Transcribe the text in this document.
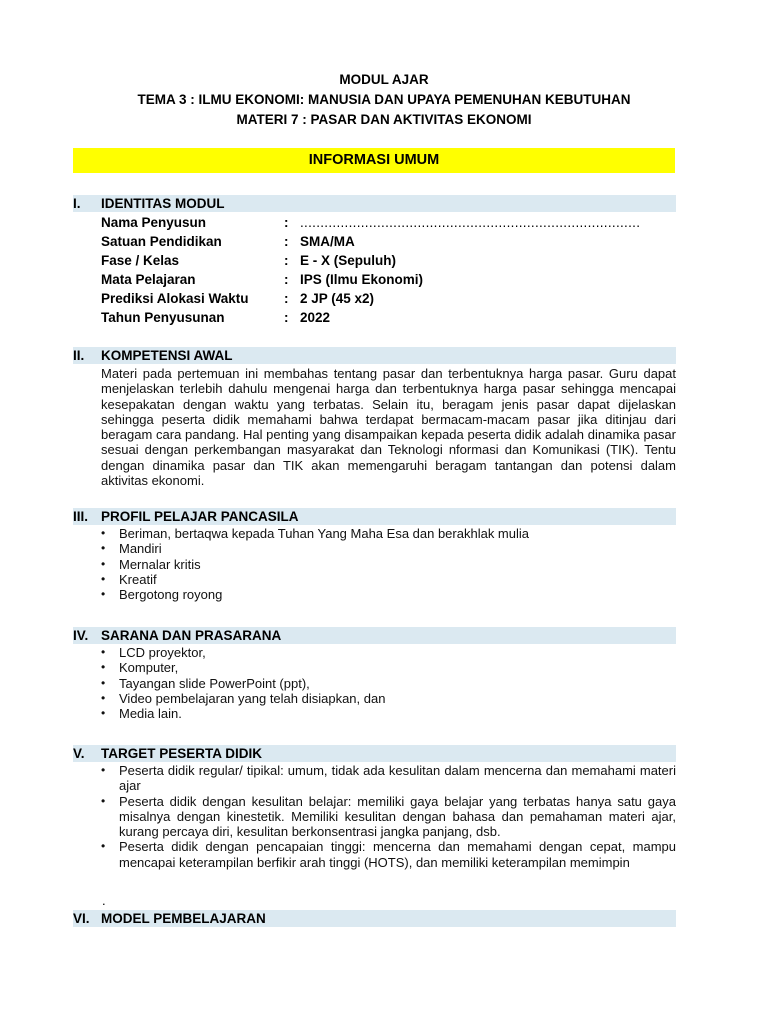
MODUL AJAR
TEMA 3 : ILMU EKONOMI: MANUSIA DAN UPAYA PEMENUHAN KEBUTUHAN
MATERI 7 : PASAR DAN AKTIVITAS EKONOMI
INFORMASI UMUM
I. IDENTITAS MODUL
Nama Penyusun	: ....................................................................................
Satuan Pendidikan	: SMA/MA
Fase / Kelas	: E - X (Sepuluh)
Mata Pelajaran	: IPS (Ilmu Ekonomi)
Prediksi Alokasi Waktu	: 2 JP (45 x2)
Tahun Penyusunan	: 2022
II. KOMPETENSI AWAL
Materi pada pertemuan ini membahas tentang pasar dan terbentuknya harga pasar. Guru dapat menjelaskan terlebih dahulu mengenai harga dan terbentuknya harga pasar sehingga mencapai kesepakatan dengan waktu yang terbatas. Selain itu, beragam jenis pasar dapat dijelaskan sehingga peserta didik memahami bahwa terdapat bermacam-macam pasar jika ditinjau dari beragam cara pandang. Hal penting yang disampaikan kepada peserta didik adalah dinamika pasar sesuai dengan perkembangan masyarakat dan Teknologi nformasi dan Komunikasi (TIK). Tentu dengan dinamika pasar dan TIK akan memengaruhi beragam tantangan dan potensi dalam aktivitas ekonomi.
III. PROFIL PELAJAR PANCASILA
• Beriman, bertaqwa kepada Tuhan Yang Maha Esa dan berakhlak mulia
• Mandiri
• Mernalar kritis
• Kreatif
• Bergotong royong
IV. SARANA DAN PRASARANA
• LCD proyektor,
• Komputer,
• Tayangan slide PowerPoint (ppt),
• Video pembelajaran yang telah disiapkan, dan
• Media lain.
V. TARGET PESERTA DIDIK
• Peserta didik regular/ tipikal: umum, tidak ada kesulitan dalam mencerna dan memahami materi ajar
• Peserta didik dengan kesulitan belajar: memiliki gaya belajar yang terbatas hanya satu gaya misalnya dengan kinestetik. Memiliki kesulitan dengan bahasa dan pemahaman materi ajar, kurang percaya diri, kesulitan berkonsentrasi jangka panjang, dsb.
• Peserta didik dengan pencapaian tinggi: mencerna dan memahami dengan cepat, mampu mencapai keterampilan berfikir arah tinggi (HOTS), dan memiliki keterampilan memimpin
.
VI. MODEL PEMBELAJARAN
